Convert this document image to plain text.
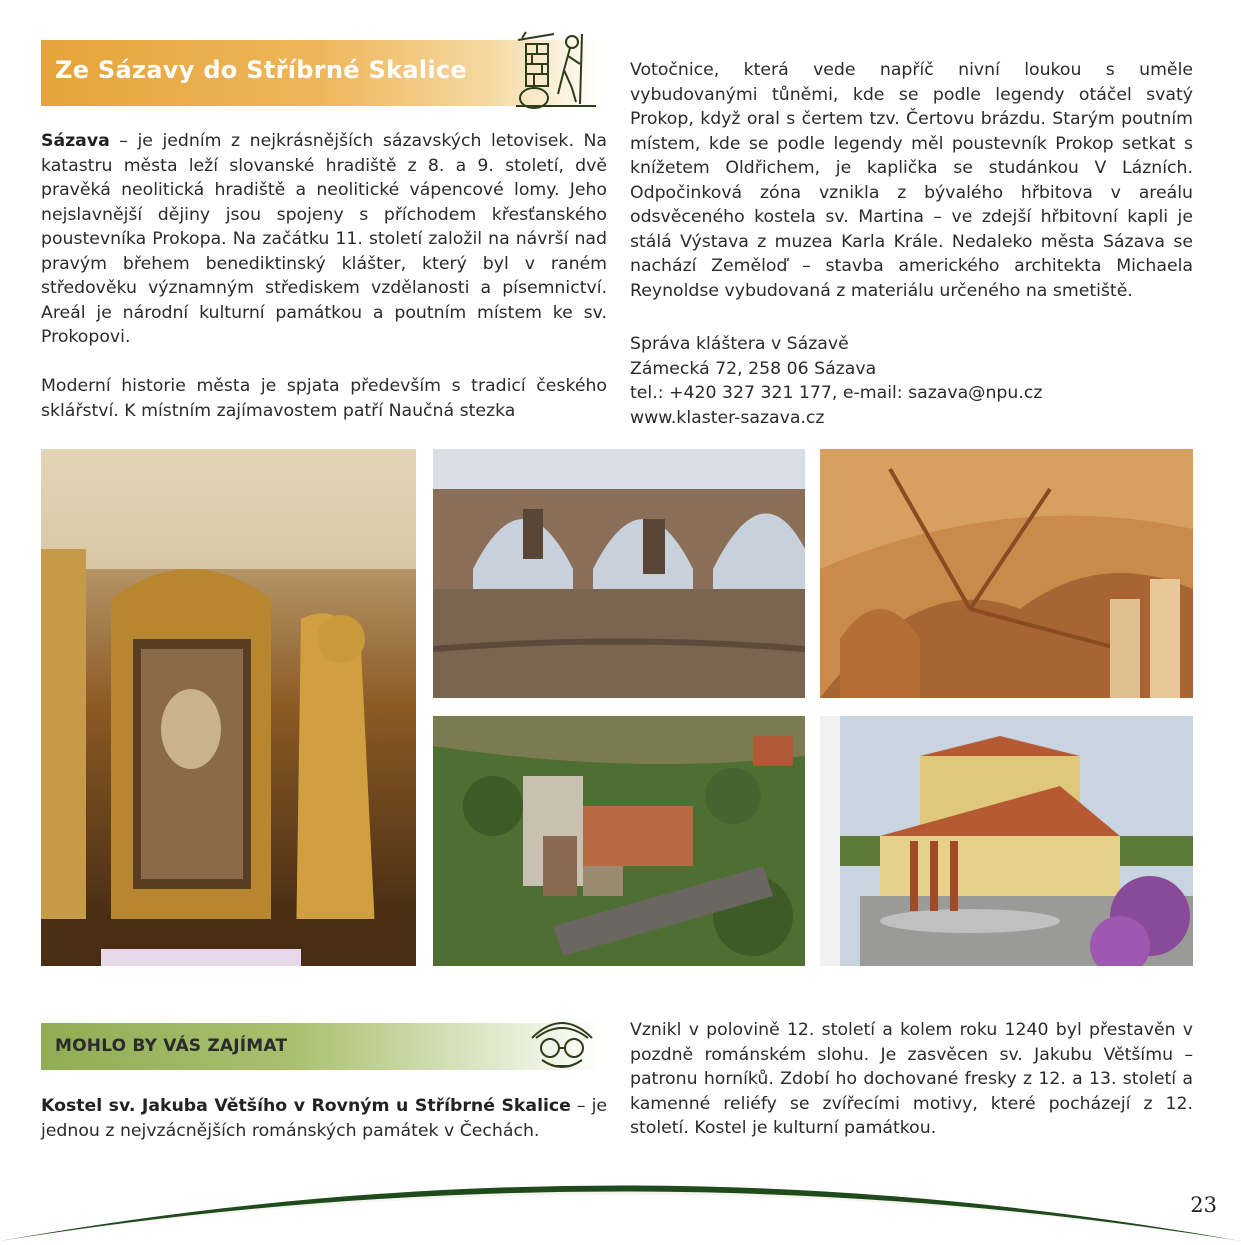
Ze Sázavy do Stříbrné Skalice

Sázava – je jedním z nejkrásnějších sázavských letovisek. Na katastru města leží slovanské hradiště z 8. a 9. století, dvě pravěká neolitická hradiště a neolitické vápencové lomy. Jeho nejslavnější dějiny jsou spojeny s příchodem křesťanského poustevníka Prokopa. Na začátku 11. století založil na návrší nad pravým břehem benediktinský klášter, který byl v raném středověku významným střediskem vzdělanosti a písemnictví. Areál je národní kulturní památkou a poutním místem ke sv. Prokopovi.

Moderní historie města je spjata především s tradicí českého sklářství. K místním zajímavostem patří Naučná stezka

Votočnice, která vede napříč nivní loukou s uměle vybudovanými tůněmi, kde se podle legendy otáčel svatý Prokop, když oral s čertem tzv. Čertovu brázdu. Starým poutním místem, kde se podle legendy měl poustevník Prokop setkat s knížetem Oldřichem, je kaplička se studánkou V Lázních. Odpočinková zóna vznikla z bývalého hřbitova v areálu odsvěceného kostela sv. Martina – ve zdejší hřbitovní kapli je stálá Výstava z muzea Karla Krále. Nedaleko města Sázava se nachází Zeměloď – stavba amerického architekta Michaela Reynoldse vybudovaná z materiálu určeného na smetiště.

Správa kláštera v Sázavě
Zámecká 72, 258 06 Sázava
tel.: +420 327 321 177, e-mail: sazava@npu.cz
www.klaster-sazava.cz
MOHLO BY VÁS ZAJÍMAT

Kostel sv. Jakuba Většího v Rovným u Stříbrné Skalice – je jednou z nejvzácnějších románských památek v Čechách.

Vznikl v polovině 12. století a kolem roku 1240 byl přestavěn v pozdně románském slohu. Je zasvěcen sv. Jakubu Většímu – patronu horníků. Zdobí ho dochované fresky z 12. a 13. století a kamenné reliéfy se zvířecími motivy, které pocházejí z 12. století. Kostel je kulturní památkou.

23
